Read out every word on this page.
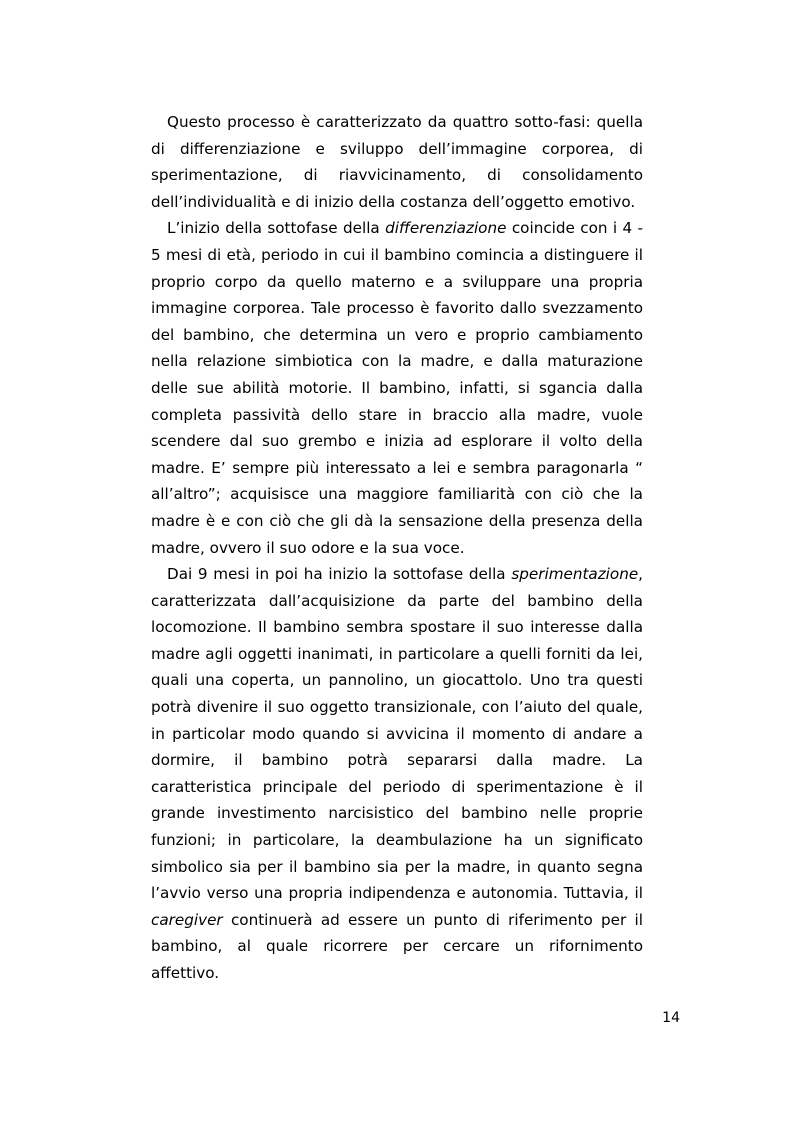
Questo processo è caratterizzato da quattro sotto-fasi: quella di differenziazione e sviluppo dell’immagine corporea, di sperimentazione, di riavvicinamento, di consolidamento dell’individualità e di inizio della costanza dell’oggetto emotivo.

L’inizio della sottofase della differenziazione coincide con i 4 - 5 mesi di età, periodo in cui il bambino comincia a distinguere il proprio corpo da quello materno e a sviluppare una propria immagine corporea. Tale processo è favorito dallo svezzamento del bambino, che determina un vero e proprio cambiamento nella relazione simbiotica con la madre, e dalla maturazione delle sue abilità motorie. Il bambino, infatti, si sgancia dalla completa passività dello stare in braccio alla madre, vuole scendere dal suo grembo e inizia ad esplorare il volto della madre. E’ sempre più interessato a lei e sembra paragonarla “ all’altro”; acquisisce una maggiore familiarità con ciò che la madre è e con ciò che gli dà la sensazione della presenza della madre, ovvero il suo odore e la sua voce.

Dai 9 mesi in poi ha inizio la sottofase della sperimentazione, caratterizzata dall’acquisizione da parte del bambino della locomozione. Il bambino sembra spostare il suo interesse dalla madre agli oggetti inanimati, in particolare a quelli forniti da lei, quali una coperta, un pannolino, un giocattolo. Uno tra questi potrà divenire il suo oggetto transizionale, con l’aiuto del quale, in particolar modo quando si avvicina il momento di andare a dormire, il bambino potrà separarsi dalla madre. La caratteristica principale del periodo di sperimentazione è il grande investimento narcisistico del bambino nelle proprie funzioni; in particolare, la deambulazione ha un significato simbolico sia per il bambino sia per la madre, in quanto segna l’avvio verso una propria indipendenza e autonomia. Tuttavia, il caregiver continuerà ad essere un punto di riferimento per il bambino, al quale ricorrere per cercare un rifornimento affettivo.

14
